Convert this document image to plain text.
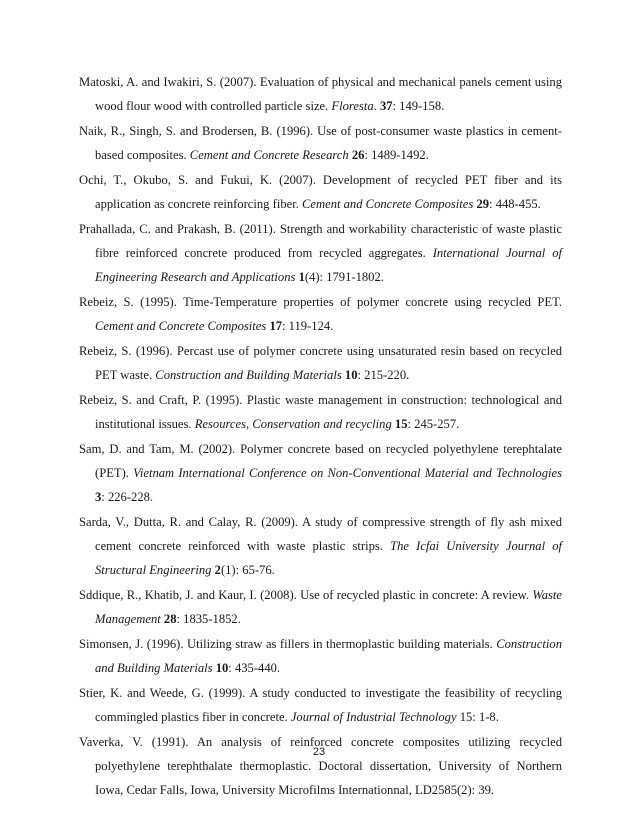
Matoski, A. and Iwakiri, S. (2007). Evaluation of physical and mechanical panels cement using wood flour wood with controlled particle size. Floresta. 37: 149-158.

Naik, R., Singh, S. and Brodersen, B. (1996). Use of post-consumer waste plastics in cement-based composites. Cement and Concrete Research 26: 1489-1492.

Ochi, T., Okubo, S. and Fukui, K. (2007). Development of recycled PET fiber and its application as concrete reinforcing fiber. Cement and Concrete Composites 29: 448-455.

Prahallada, C. and Prakash, B. (2011). Strength and workability characteristic of waste plastic fibre reinforced concrete produced from recycled aggregates. International Journal of Engineering Research and Applications 1(4): 1791-1802.

Rebeiz, S. (1995). Time-Temperature properties of polymer concrete using recycled PET. Cement and Concrete Composites 17: 119-124.

Rebeiz, S. (1996). Percast use of polymer concrete using unsaturated resin based on recycled PET waste. Construction and Building Materials 10: 215-220.

Rebeiz, S. and Craft, P. (1995). Plastic waste management in construction: technological and institutional issues. Resources, Conservation and recycling 15: 245-257.

Sam, D. and Tam, M. (2002). Polymer concrete based on recycled polyethylene terephtalate (PET). Vietnam International Conference on Non-Conventional Material and Technologies 3: 226-228.

Sarda, V., Dutta, R. and Calay, R. (2009). A study of compressive strength of fly ash mixed cement concrete reinforced with waste plastic strips. The Icfai University Journal of Structural Engineering 2(1): 65-76.

Sddique, R., Khatib, J. and Kaur, I. (2008). Use of recycled plastic in concrete: A review. Waste Management 28: 1835-1852.

Simonsen, J. (1996). Utilizing straw as fillers in thermoplastic building materials. Construction and Building Materials 10: 435-440.

Stier, K. and Weede, G. (1999). A study conducted to investigate the feasibility of recycling commingled plastics fiber in concrete. Journal of Industrial Technology 15: 1-8.

Vaverka, V. (1991). An analysis of reinforced concrete composites utilizing recycled polyethylene terephthalate thermoplastic. Doctoral dissertation, University of Northern Iowa, Cedar Falls, Iowa, University Microfilms Internationnal, LD2585(2): 39.

23
